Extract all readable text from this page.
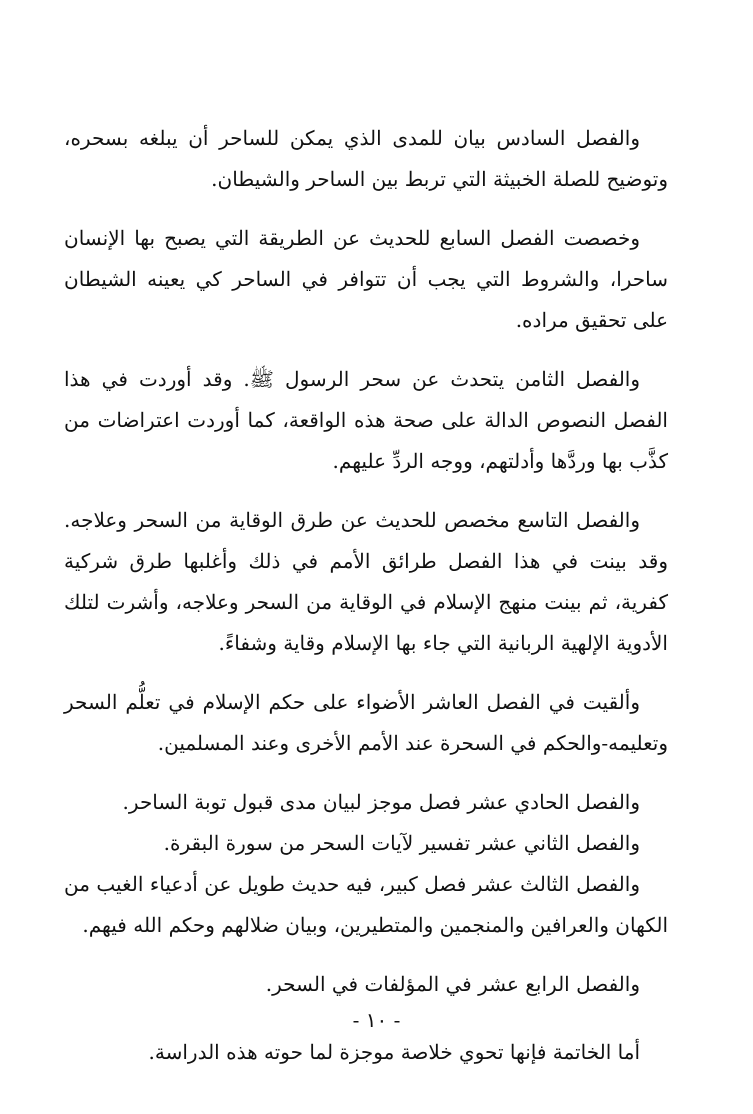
والفصل السادس بيان للمدى الذي يمكن للساحر أن يبلغه بسحره، وتوضيح للصلة الخبيثة التي تربط بين الساحر والشيطان.

وخصصت الفصل السابع للحديث عن الطريقة التي يصبح بها الإنسان ساحرا، والشروط التي يجب أن تتوافر في الساحر كي يعينه الشيطان على تحقيق مراده.

والفصل الثامن يتحدث عن سحر الرسول ﷺ. وقد أوردت في هذا الفصل النصوص الدالة على صحة هذه الواقعة، كما أوردت اعتراضات من كذَّب بها وردَّها وأدلتهم، ووجه الردِّ عليهم.

والفصل التاسع مخصص للحديث عن طرق الوقاية من السحر وعلاجه. وقد بينت في هذا الفصل طرائق الأمم في ذلك وأغلبها طرق شركية كفرية، ثم بينت منهج الإسلام في الوقاية من السحر وعلاجه، وأشرت لتلك الأدوية الإلهية الربانية التي جاء بها الإسلام وقاية وشفاءً.

وألقيت في الفصل العاشر الأضواء على حكم الإسلام في تعلُّم السحر وتعليمه-والحكم في السحرة عند الأمم الأخرى وعند المسلمين.

والفصل الحادي عشر فصل موجز لبيان مدى قبول توبة الساحر.

والفصل الثاني عشر تفسير لآيات السحر من سورة البقرة.

والفصل الثالث عشر فصل كبير، فيه حديث طويل عن أدعياء الغيب من الكهان والعرافين والمنجمين والمتطيرين، وبيان ضلالهم وحكم الله فيهم.

والفصل الرابع عشر في المؤلفات في السحر.

أما الخاتمة فإنها تحوي خلاصة موجزة لما حوته هذه الدراسة.

- ١٠ -
